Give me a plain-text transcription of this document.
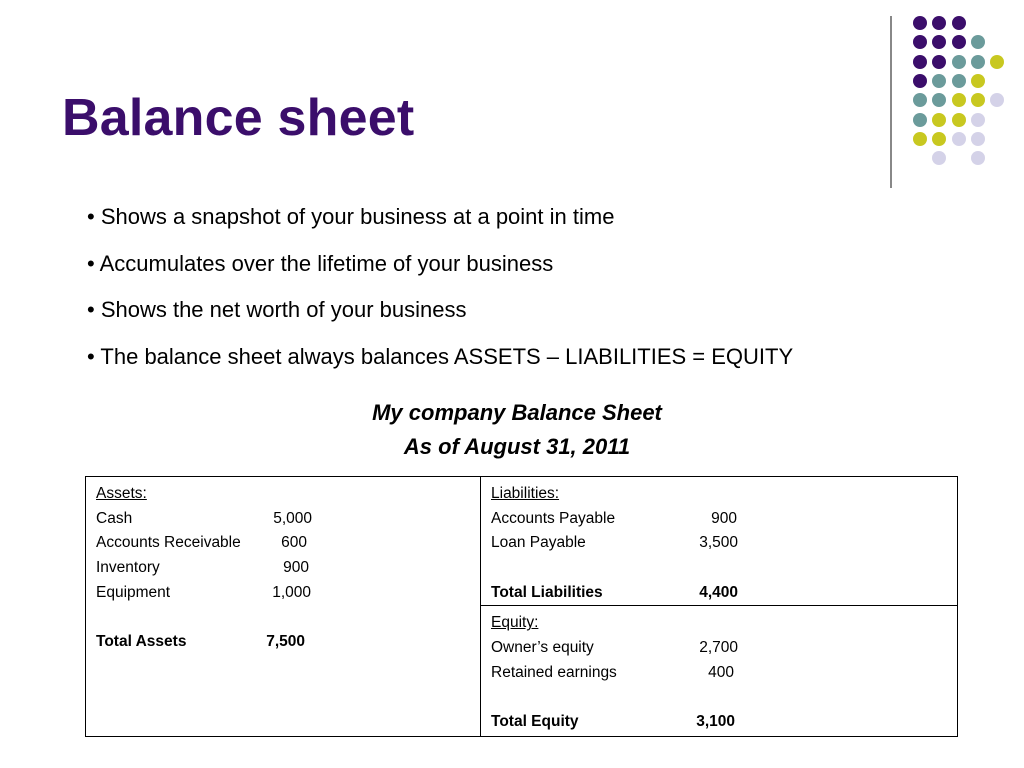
Balance sheet
• Shows a snapshot of your business at a point in time
• Accumulates over the lifetime of your business
• Shows the net worth of your business
• The balance sheet always balances ASSETS – LIABILITIES = EQUITY
My company Balance Sheet
As of August 31, 2011
Assets:
Cash	5,000
Accounts Receivable	600
Inventory	900
Equipment	1,000
Total Assets	7,500

Liabilities:
Accounts Payable	900
Loan Payable	3,500
Total Liabilities	4,400

Equity:
Owner’s equity	2,700
Retained earnings	400
Total Equity	3,100
